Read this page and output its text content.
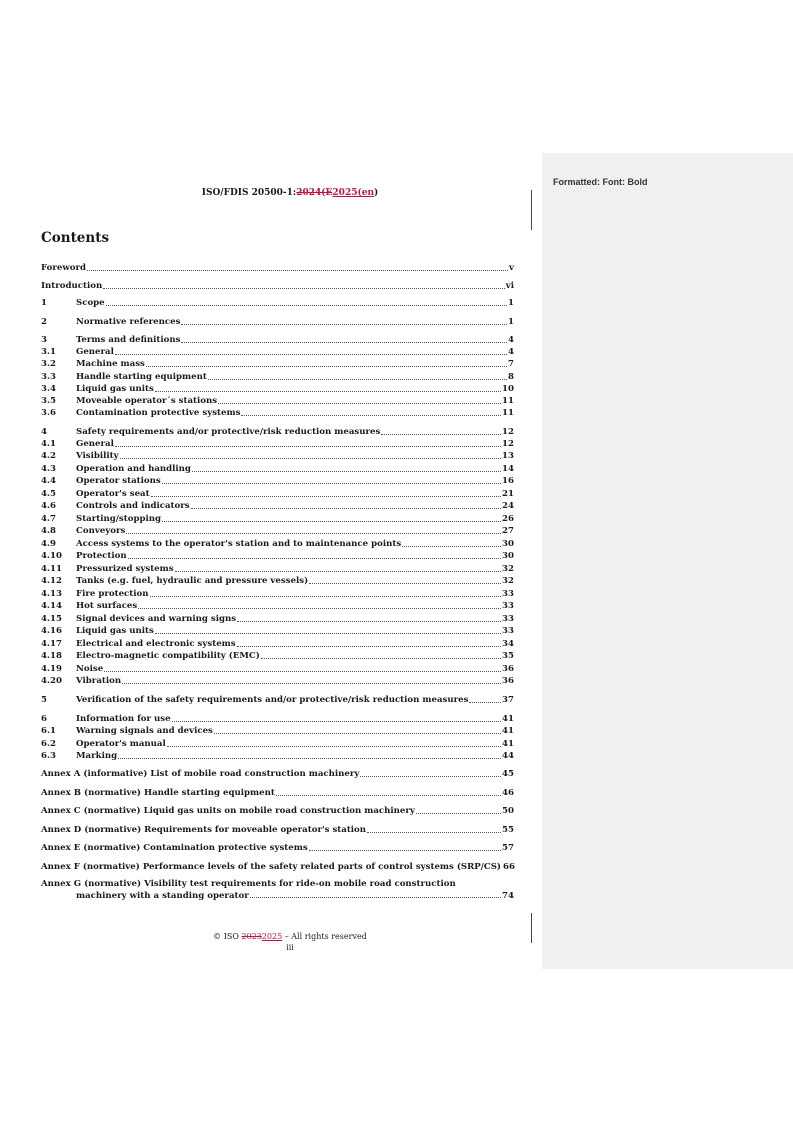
Formatted: Font: Bold
ISO/FDIS 20500-1:2024(E2025(en)
Contents
Foreword	v
Introduction	vi
1	Scope	1
2	Normative references	1
3	Terms and definitions	4
3.1	General	4
3.2	Machine mass	7
3.3	Handle starting equipment	8
3.4	Liquid gas units	10
3.5	Moveable operator´s stations	11
3.6	Contamination protective systems	11
4	Safety requirements and/or protective/risk reduction measures	12
4.1	General	12
4.2	Visibility	13
4.3	Operation and handling	14
4.4	Operator stations	16
4.5	Operator's seat	21
4.6	Controls and indicators	24
4.7	Starting/stopping	26
4.8	Conveyors	27
4.9	Access systems to the operator's station and to maintenance points	30
4.10	Protection	30
4.11	Pressurized systems	32
4.12	Tanks (e.g. fuel, hydraulic and pressure vessels)	32
4.13	Fire protection	33
4.14	Hot surfaces	33
4.15	Signal devices and warning signs	33
4.16	Liquid gas units	33
4.17	Electrical and electronic systems	34
4.18	Electro-magnetic compatibility (EMC)	35
4.19	Noise	36
4.20	Vibration	36
5	Verification of the safety requirements and/or protective/risk reduction measures	37
6	Information for use	41
6.1	Warning signals and devices	41
6.2	Operator's manual	41
6.3	Marking	44
Annex A (informative) List of mobile road construction machinery	45
Annex B (normative) Handle starting equipment	46
Annex C (normative) Liquid gas units on mobile road construction machinery	50
Annex D (normative) Requirements for moveable operator's station	55
Annex E (normative) Contamination protective systems	57
Annex F (normative) Performance levels of the safety related parts of control systems (SRP/CS) 66
Annex G (normative) Visibility test requirements for ride-on mobile road construction
machinery with a standing operator	74
© ISO 20232025 – All rights reserved
iii
